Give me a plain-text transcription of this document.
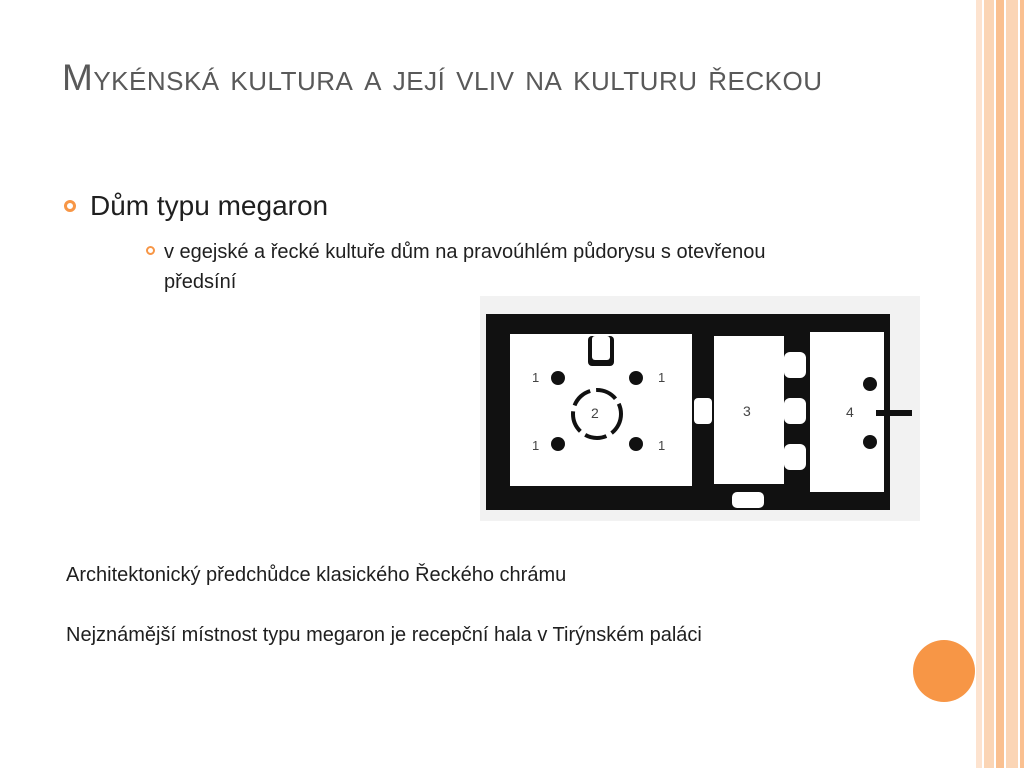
Mykénská kultura a její vliv na kulturu řeckou
Dům typu megaron
v egejské a řecké kultuře dům na pravoúhlém půdorysu s otevřenou předsíní
1	1
1	1
2	3	4
Architektonický předchůdce klasického Řeckého chrámu
Nejznámější místnost typu megaron je recepční hala v Tirýnském paláci
